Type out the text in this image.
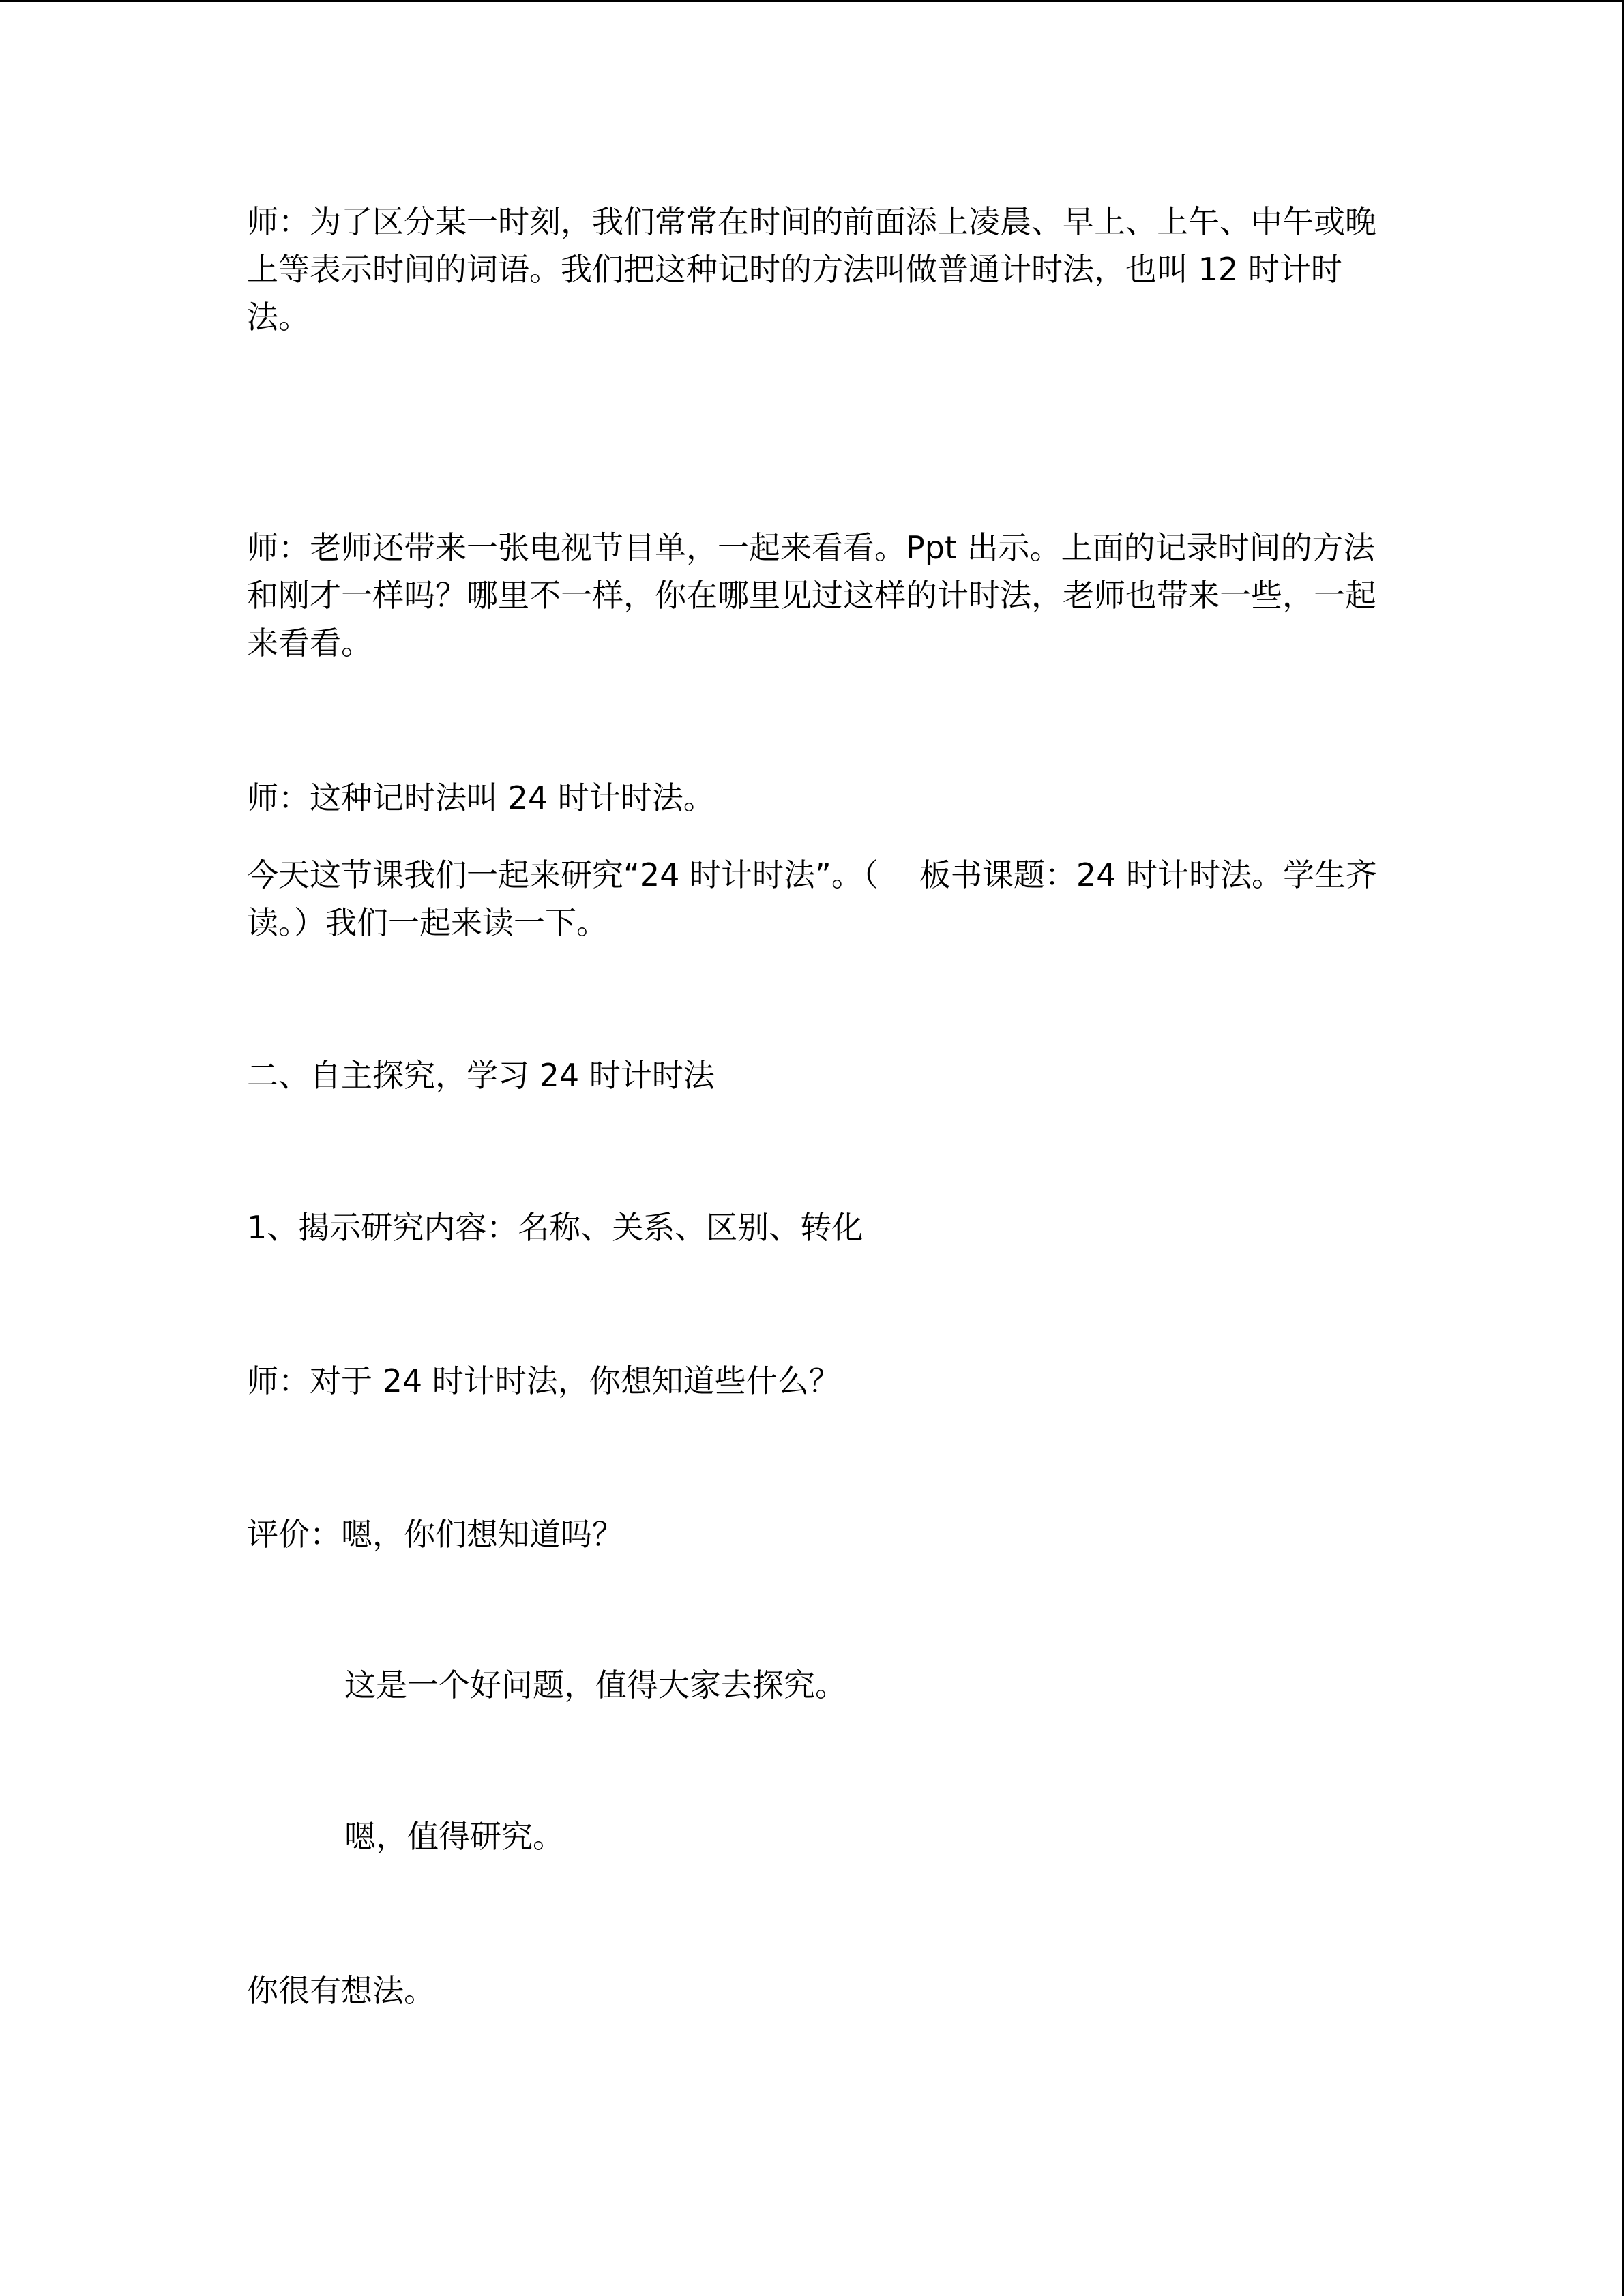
师：为了区分某一时刻，我们常常在时间的前面添上凌晨、早上、上午、中午或晚上等表示时间的词语。我们把这种记时的方法叫做普通计时法，也叫 12 时计时法。

师：老师还带来一张电视节目单，一起来看看。Ppt 出示。上面的记录时间的方法和刚才一样吗？哪里不一样，你在哪里见过这样的计时法，老师也带来一些，一起来看看。

师：这种记时法叫 24 时计时法。

今天这节课我们一起来研究“24 时计时法”。（ 板书课题：24 时计时法。学生齐读。）我们一起来读一下。

二、自主探究，学习 24 时计时法

1、揭示研究内容：名称、关系、区别、转化

师：对于 24 时计时法，你想知道些什么？

评价：嗯，你们想知道吗？

这是一个好问题，值得大家去探究。

嗯，值得研究。

你很有想法。
